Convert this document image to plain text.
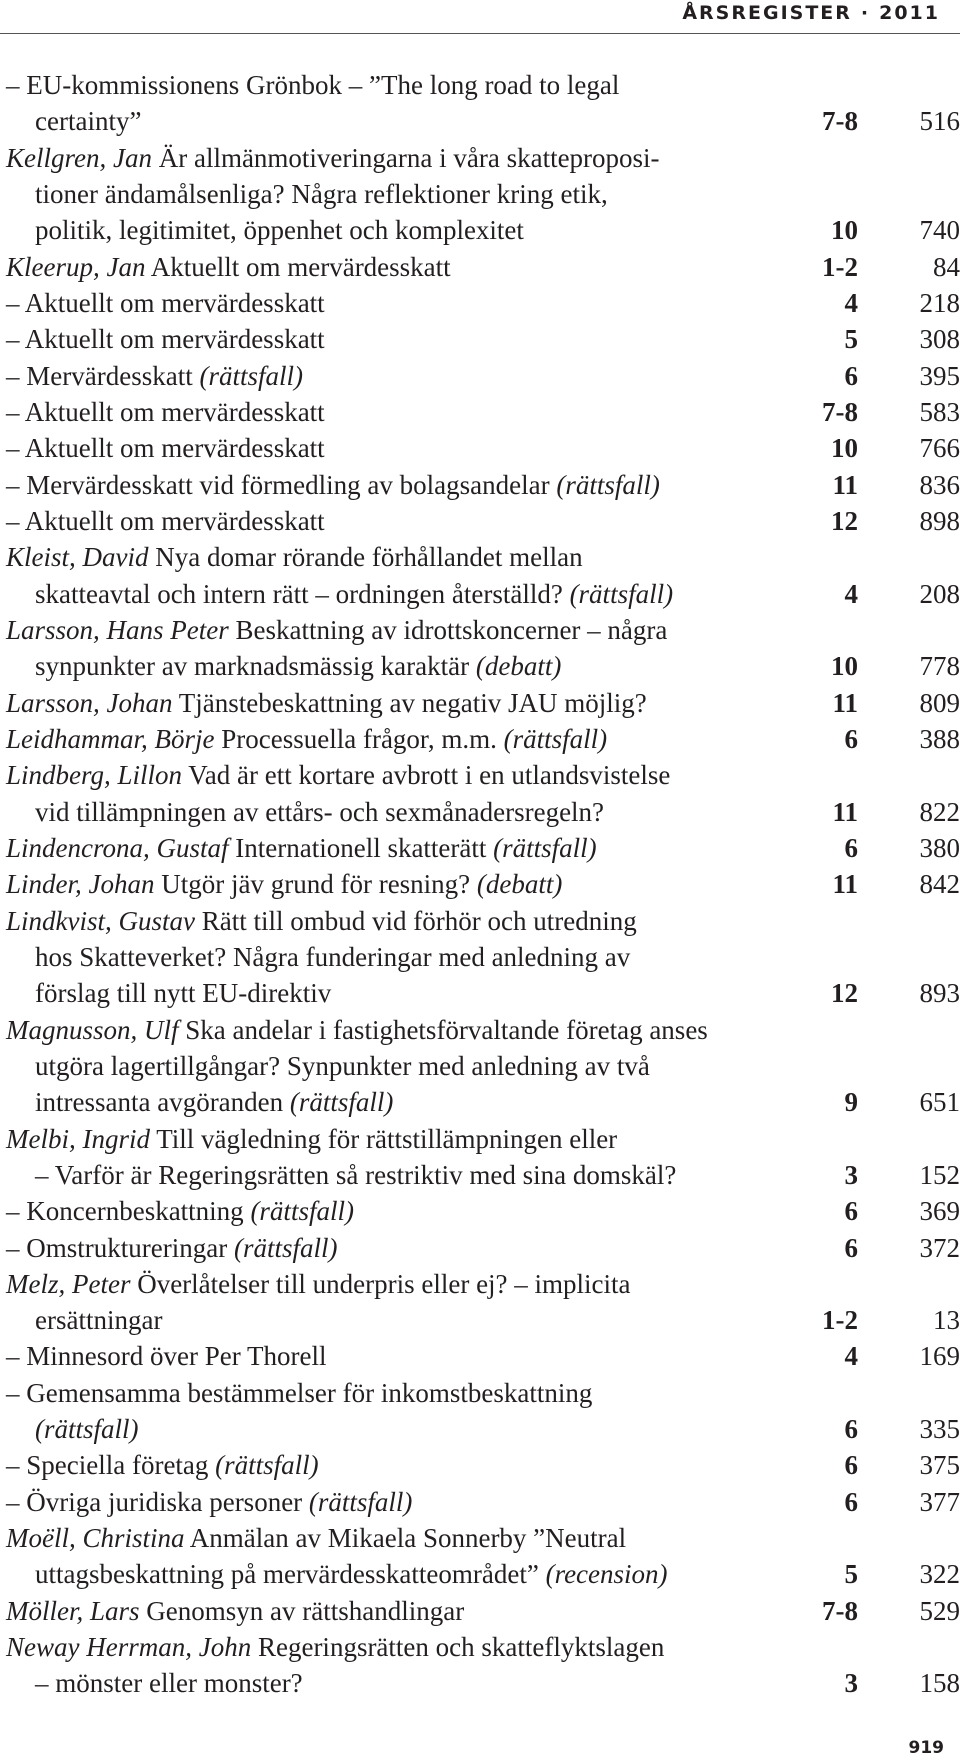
ÅRSREGISTER · 2011
– EU-kommissionens Grönbok – ”The long road to legal
certainty”	7-8 516
Kellgren, Jan Är allmänmotiveringarna i våra skatteproposi-
tioner ändamålsenliga? Några reflektioner kring etik,
politik, legitimitet, öppenhet och komplexitet	10 740
Kleerup, Jan Aktuellt om mervärdesskatt	1-2	84
– Aktuellt om mervärdesskatt	4 218
– Aktuellt om mervärdesskatt	5 308
– Mervärdesskatt (rättsfall)	6 395
– Aktuellt om mervärdesskatt	7-8 583
– Aktuellt om mervärdesskatt	10 766
– Mervärdesskatt vid förmedling av bolagsandelar (rättsfall)	11 836
– Aktuellt om mervärdesskatt	12 898
Kleist, David Nya domar rörande förhållandet mellan
skatteavtal och intern rätt – ordningen återställd? (rättsfall)	4 208
Larsson, Hans Peter Beskattning av idrottskoncerner – några
synpunkter av marknadsmässig karaktär (debatt)	10 778
Larsson, Johan Tjänstebeskattning av negativ JAU möjlig?	11 809
Leidhammar, Börje Processuella frågor, m.m. (rättsfall)	6 388
Lindberg, Lillon Vad är ett kortare avbrott i en utlandsvistelse
vid tillämpningen av ettårs- och sexmånadersregeln?	11 822
Lindencrona, Gustaf Internationell skatterätt (rättsfall)	6 380
Linder, Johan Utgör jäv grund för resning? (debatt)	11 842
Lindkvist, Gustav Rätt till ombud vid förhör och utredning
hos Skatteverket? Några funderingar med anledning av
förslag till nytt EU-direktiv	12 893
Magnusson, Ulf Ska andelar i fastighetsförvaltande företag anses
utgöra lagertillgångar? Synpunkter med anledning av två
intressanta avgöranden (rättsfall)	9 651
Melbi, Ingrid Till vägledning för rättstillämpningen eller
– Varför är Regeringsrätten så restriktiv med sina domskäl?	3 152
– Koncernbeskattning (rättsfall)	6 369
– Omstruktureringar (rättsfall)	6 372
Melz, Peter Överlåtelser till underpris eller ej? – implicita
ersättningar	1-2	13
– Minnesord över Per Thorell	4 169
– Gemensamma bestämmelser för inkomstbeskattning
(rättsfall)	6 335
– Speciella företag (rättsfall)	6 375
– Övriga juridiska personer (rättsfall)	6 377
Moëll, Christina Anmälan av Mikaela Sonnerby ”Neutral
uttagsbeskattning på mervärdesskatteområdet” (recension)	5 322
Möller, Lars Genomsyn av rättshandlingar	7-8 529
Neway Herrman, John Regeringsrätten och skatteflyktslagen
– mönster eller monster?	3 158
919
